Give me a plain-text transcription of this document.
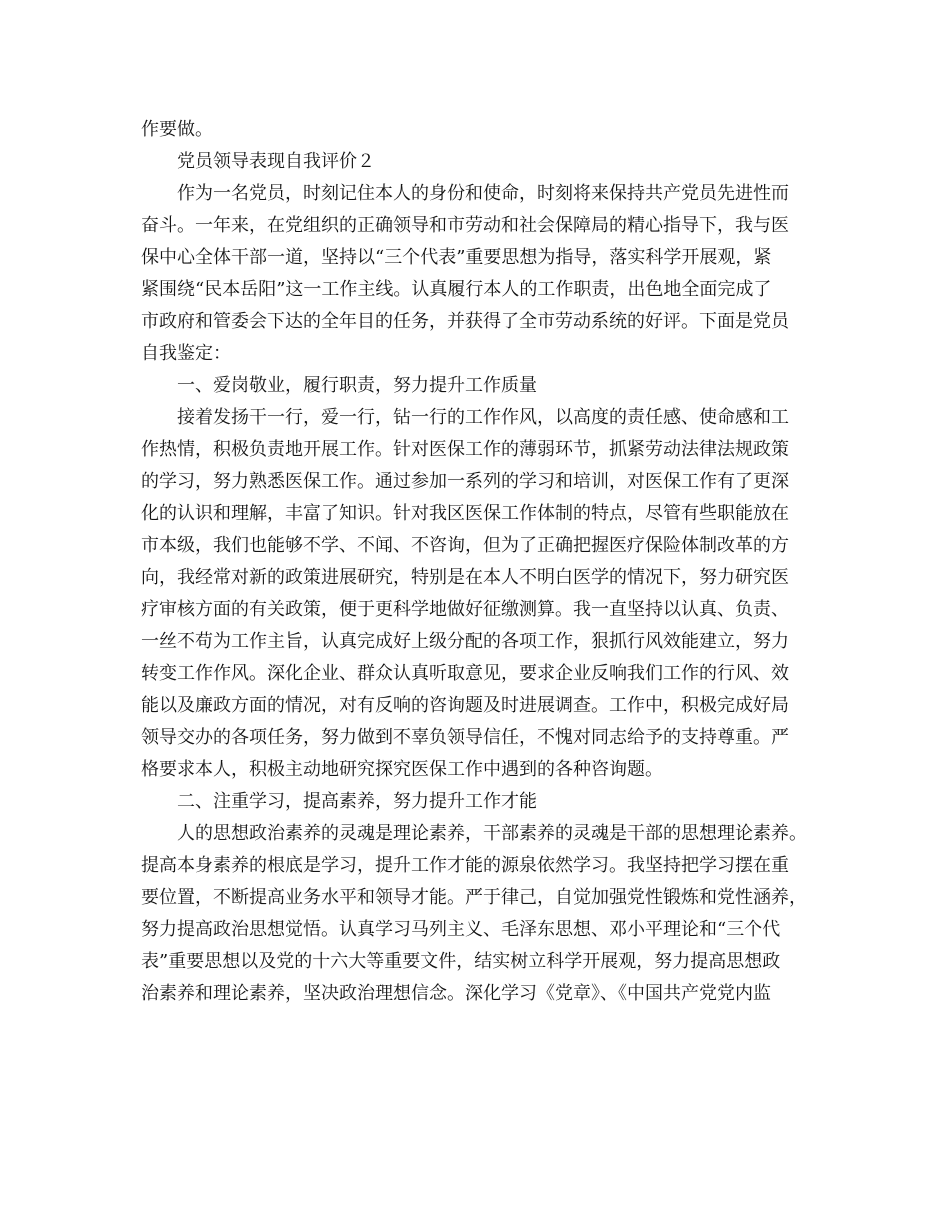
作要做。
党员领导表现自我评价２
作为一名党员，时刻记住本人的身份和使命，时刻将来保持共产党员先进性而
奋斗。一年来，在党组织的正确领导和市劳动和社会保障局的精心指导下，我与医
保中心全体干部一道，坚持以“三个代表”重要思想为指导，落实科学开展观，紧
紧围绕“民本岳阳”这一工作主线。认真履行本人的工作职责，出色地全面完成了
市政府和管委会下达的全年目的任务，并获得了全市劳动系统的好评。下面是党员
自我鉴定：
一、爱岗敬业，履行职责，努力提升工作质量
接着发扬干一行，爱一行，钻一行的工作作风，以高度的责任感、使命感和工
作热情，积极负责地开展工作。针对医保工作的薄弱环节，抓紧劳动法律法规政策
的学习，努力熟悉医保工作。通过参加一系列的学习和培训，对医保工作有了更深
化的认识和理解，丰富了知识。针对我区医保工作体制的特点，尽管有些职能放在
市本级，我们也能够不学、不闻、不咨询，但为了正确把握医疗保险体制改革的方
向，我经常对新的政策进展研究，特别是在本人不明白医学的情况下，努力研究医
疗审核方面的有关政策，便于更科学地做好征缴测算。我一直坚持以认真、负责、
一丝不苟为工作主旨，认真完成好上级分配的各项工作，狠抓行风效能建立，努力
转变工作作风。深化企业、群众认真听取意见，要求企业反响我们工作的行风、效
能以及廉政方面的情况，对有反响的咨询题及时进展调查。工作中，积极完成好局
领导交办的各项任务，努力做到不辜负领导信任，不愧对同志给予的支持尊重。严
格要求本人，积极主动地研究探究医保工作中遇到的各种咨询题。
二、注重学习，提高素养，努力提升工作才能
人的思想政治素养的灵魂是理论素养，干部素养的灵魂是干部的思想理论素养。
提高本身素养的根底是学习，提升工作才能的源泉依然学习。我坚持把学习摆在重
要位置，不断提高业务水平和领导才能。严于律己，自觉加强党性锻炼和党性涵养，
努力提高政治思想觉悟。认真学习马列主义、毛泽东思想、邓小平理论和“三个代
表”重要思想以及党的十六大等重要文件，结实树立科学开展观，努力提高思想政
治素养和理论素养，坚决政治理想信念。深化学习《党章》、《中国共产党党内监
